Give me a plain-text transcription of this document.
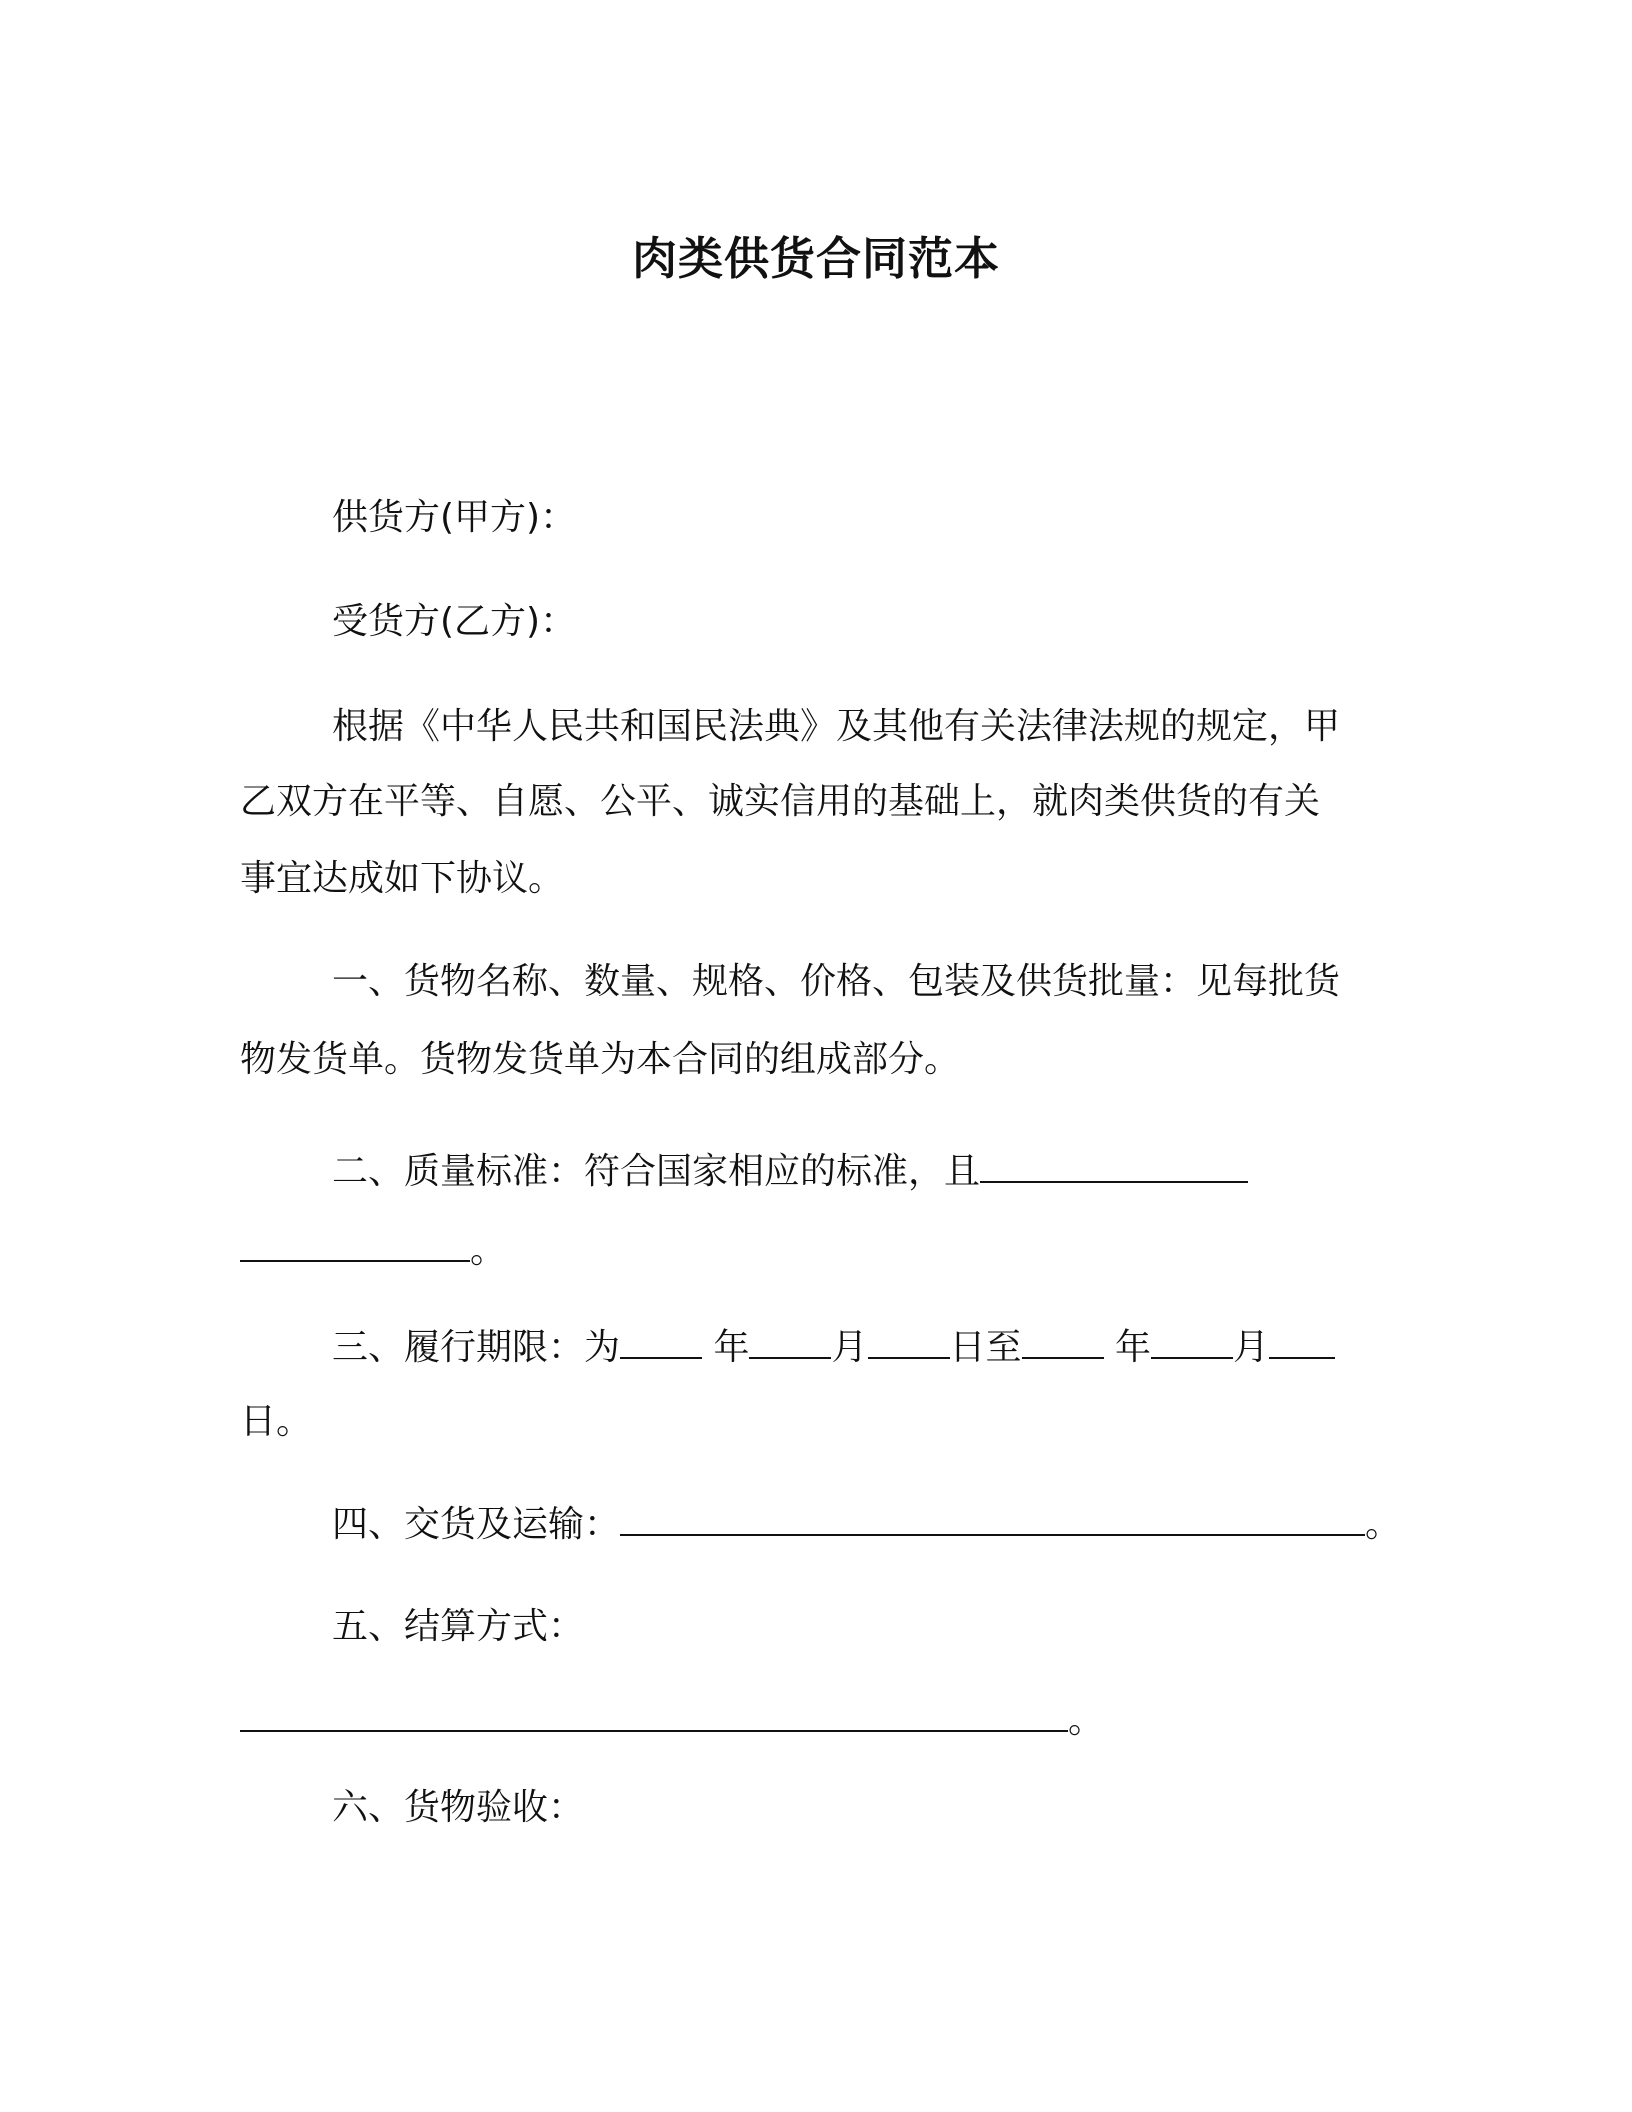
肉类供货合同范本
供货方(甲方)：
受货方(乙方)：
根据《中华人民共和国民法典》及其他有关法律法规的规定，甲
乙双方在平等、自愿、公平、诚实信用的基础上，就肉类供货的有关
事宜达成如下协议。
一、货物名称、数量、规格、价格、包装及供货批量：见每批货
物发货单。货物发货单为本合同的组成部分。
二、质量标准：符合国家相应的标准，且
。
三、履行期限：为	年 月 日至	年 月
日。
四、交货及运输：	。
五、结算方式：
。
六、货物验收：
